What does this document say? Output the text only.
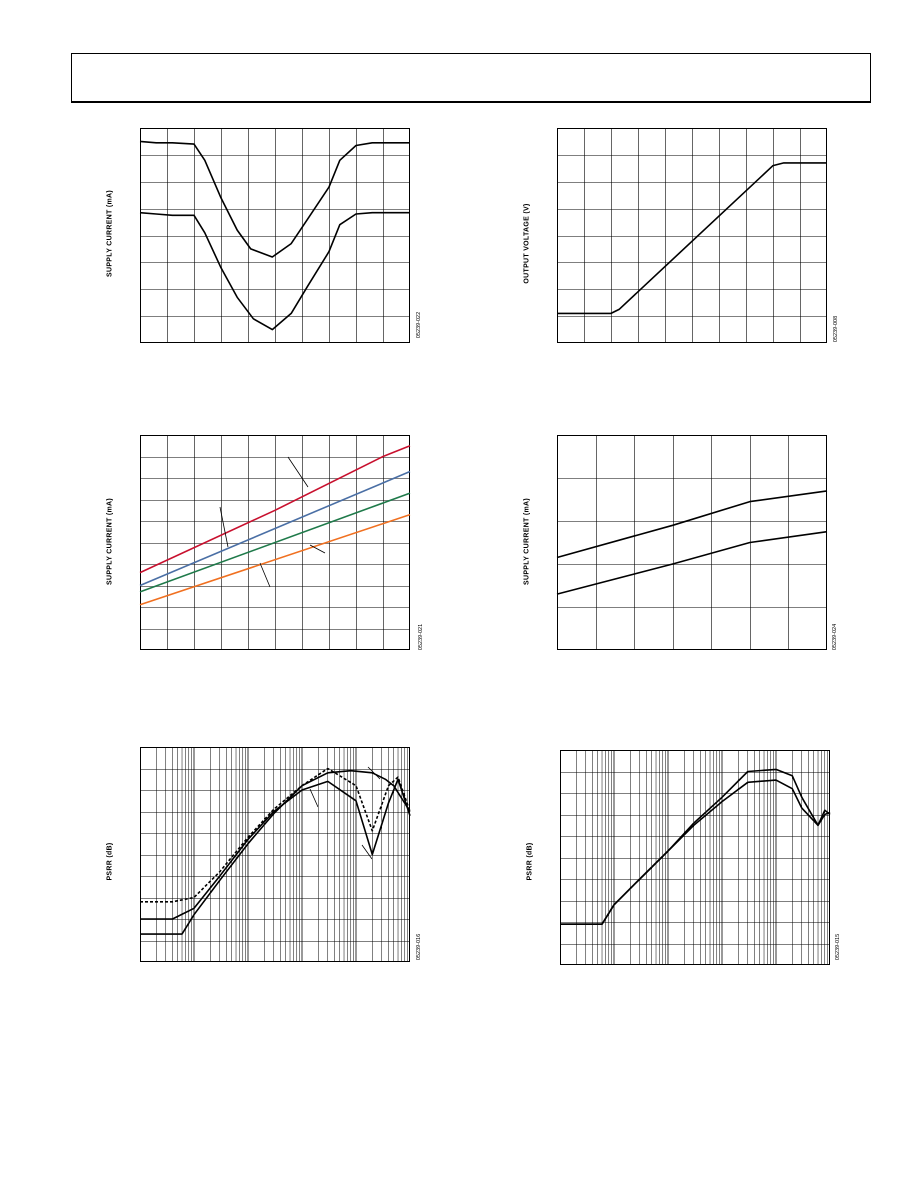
SUPPLY CURRENT (mA)
05239-022
OUTPUT VOLTAGE (V)
05239-008
SUPPLY CURRENT (mA)
05239-021
SUPPLY CURRENT (mA)
05239-024
PSRR (dB)
05239-016
PSRR (dB)
05239-015
